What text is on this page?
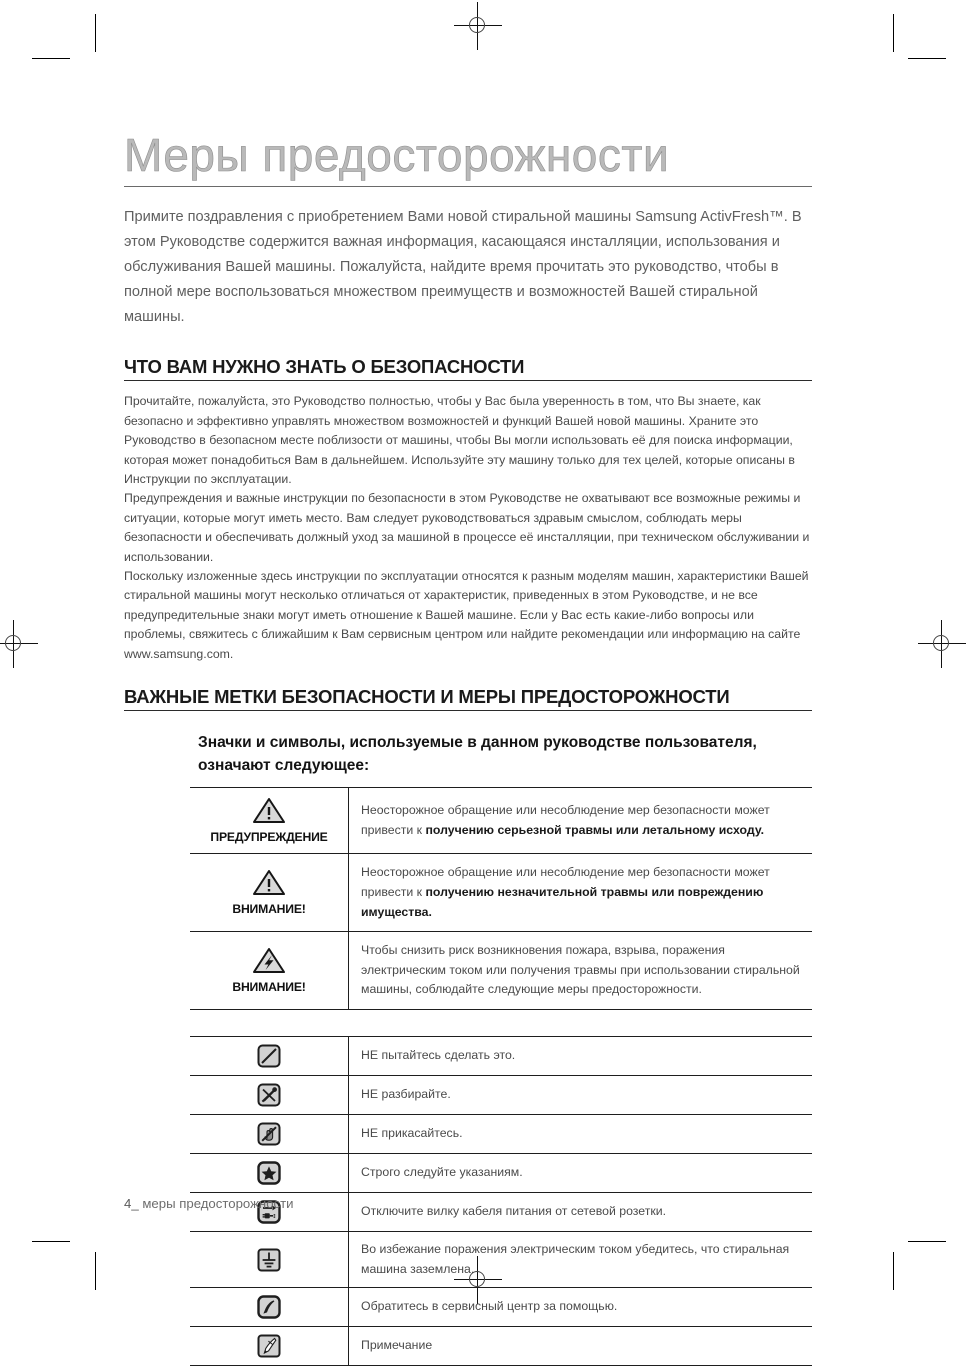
Меры предосторожности

Примите поздравления с приобретением Вами новой стиральной машины Samsung ActivFresh™. В этом Руководстве содержится важная информация, касающаяся инсталляции, использования и обслуживания Вашей машины. Пожалуйста, найдите время прочитать это руководство, чтобы в полной мере воспользоваться множеством преимуществ и возможностей Вашей стиральной машины.

ЧТО ВАМ НУЖНО ЗНАТЬ О БЕЗОПАСНОСТИ

Прочитайте, пожалуйста, это Руководство полностью, чтобы у Вас была уверенность в том, что Вы знаете, как безопасно и эффективно управлять множеством возможностей и функций Вашей новой машины. Храните это Руководство в безопасном месте поблизости от машины, чтобы Вы могли использовать её для поиска информации, которая может понадобиться Вам в дальнейшем. Используйте эту машину только для тех целей, которые описаны в Инструкции по эксплуатации.

Предупреждения и важные инструкции по безопасности в этом Руководстве не охватывают все возможные режимы и ситуации, которые могут иметь место. Вам следует руководствоваться здравым смыслом, соблюдать меры безопасности и обеспечивать должный уход за машиной в процессе её инсталляции, при техническом обслуживании и использовании.

Поскольку изложенные здесь инструкции по эксплуатации относятся к разным моделям машин, характеристики Вашей стиральной машины могут несколько отличаться от характеристик, приведенных в этом Руководстве, и не все предупредительные знаки могут иметь отношение к Вашей машине. Если у Вас есть какие-либо вопросы или проблемы, свяжитесь с ближайшим к Вам сервисным центром или найдите рекомендации или информацию на сайте www.samsung.com.

ВАЖНЫЕ МЕТКИ БЕЗОПАСНОСТИ И МЕРЫ ПРЕДОСТОРОЖНОСТИ
Значки и символы, используемые в данном руководстве пользователя, означают следующее:
ПРЕДУПРЕЖДЕНИЕ	Неосторожное обращение или несоблюдение мер безопасности может привести к получению серьезной травмы или летальному исходу.

ВНИМАНИЕ!	Неосторожное обращение или несоблюдение мер безопасности может привести к получению незначительной травмы или повреждению имущества.

ВНИМАНИЕ!	Чтобы снизить риск возникновения пожара, взрыва, поражения электрическим током или получения травмы при использовании стиральной машины, соблюдайте следующие меры предосторожности.
	НЕ пытайтесь сделать это.
	НЕ разбирайте.
	НЕ прикасайтесь.
	Строго следуйте указаниям.
	Отключите вилку кабеля питания от сетевой розетки.
	Во избежание поражения электрическим током убедитесь, что стиральная машина заземлена.
	Обратитесь в сервисный центр за помощью.
	Примечание
4_ меры предосторожности
